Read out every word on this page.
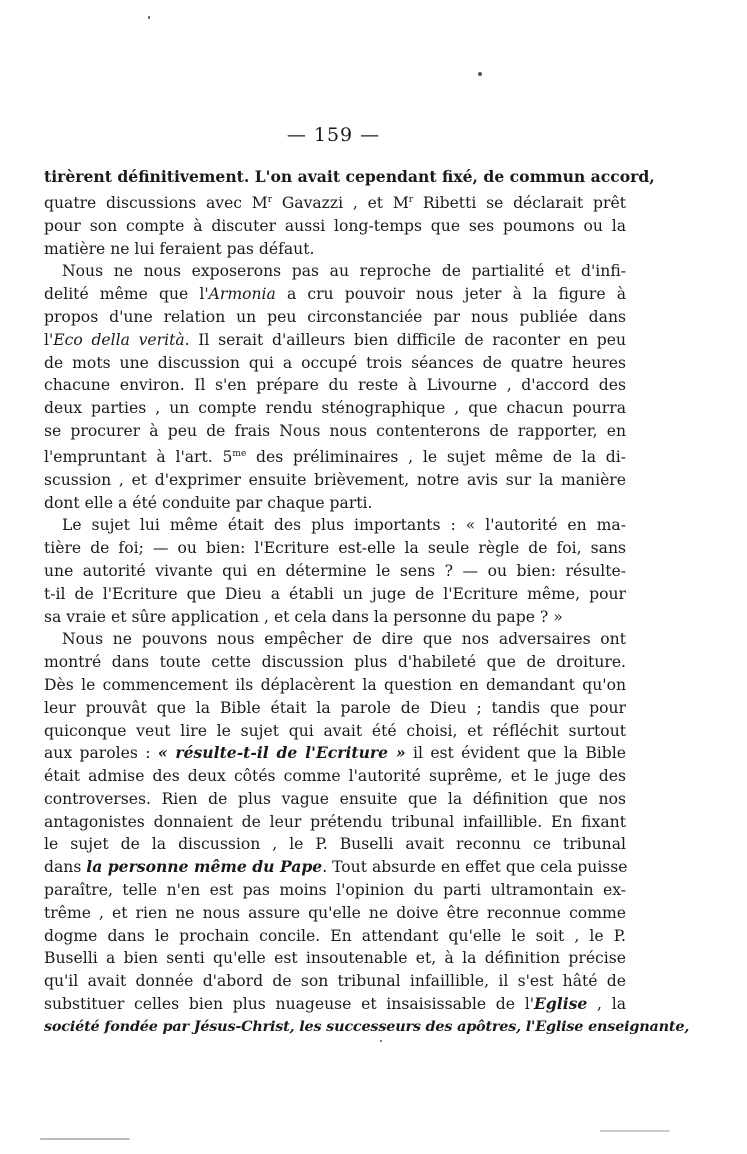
— 159 —

tirèrent définitivement. L'on avait cependant fixé, de commun accord,
quatre discussions avec $M^r$ Gavazzi , et $M^r$ Ribetti se déclarait prêt
pour son compte à discuter aussi long-temps que ses poumons ou la
matière ne lui feraient pas défaut.

Nous ne nous exposerons pas au reproche de partialité et d'infi-
delité même que l'Armonia a cru pouvoir nous jeter à la figure à
propos d'une relation un peu circonstanciée par nous publiée dans
l'Eco della verità. Il serait d'ailleurs bien difficile de raconter en peu
de mots une discussion qui a occupé trois séances de quatre heures
chacune environ. Il s'en prépare du reste à Livourne , d'accord des
deux parties , un compte rendu sténographique , que chacun pourra
se procurer à peu de frais Nous nous contenterons de rapporter, en
l'empruntant à l'art. $5^{me}$ des préliminaires , le sujet même de la di-
scussion , et d'exprimer ensuite brièvement, notre avis sur la manière
dont elle a été conduite par chaque parti.

Le sujet lui même était des plus importants : « l'autorité en ma-
tière de foi; — ou bien: l'Ecriture est-elle la seule règle de foi, sans
une autorité vivante qui en détermine le sens ? — ou bien: résulte-
t-il de l'Ecriture que Dieu a établi un juge de l'Ecriture même, pour
sa vraie et sûre application , et cela dans la personne du pape ? »

Nous ne pouvons nous empêcher de dire que nos adversaires ont
montré dans toute cette discussion plus d'habileté que de droiture.
Dès le commencement ils déplacèrent la question en demandant qu'on
leur prouvât que la Bible était la parole de Dieu ; tandis que pour
quiconque veut lire le sujet qui avait été choisi, et réfléchit surtout
aux paroles : « résulte-t-il de l'Ecriture » il est évident que la Bible
était admise des deux côtés comme l'autorité suprême, et le juge des
controverses. Rien de plus vague ensuite que la définition que nos
antagonistes donnaient de leur prétendu tribunal infaillible. En fixant
le sujet de la discussion , le P. Buselli avait reconnu ce tribunal
dans la personne même du Pape. Tout absurde en effet que cela puisse
paraître, telle n'en est pas moins l'opinion du parti ultramontain ex-
trême , et rien ne nous assure qu'elle ne doive être reconnue comme
dogme dans le prochain concile. En attendant qu'elle le soit , le P.
Buselli a bien senti qu'elle est insoutenable et, à la définition précise
qu'il avait donnée d'abord de son tribunal infaillible, il s'est hâté de
substituer celles bien plus nuageuse et insaisissable de l'Eglise , la
société fondée par Jésus-Christ, les successeurs des apôtres, l'Eglise enseignante,
